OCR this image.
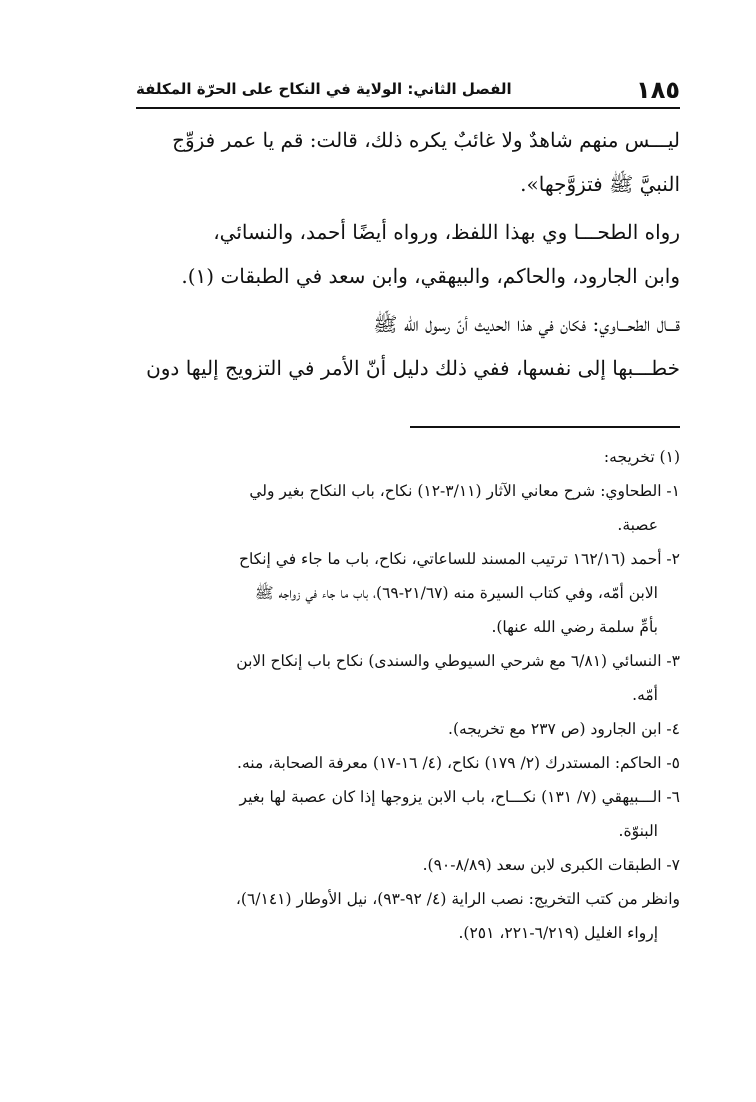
١٨٥
الفصل الثاني: الولاية في النكاح على الحرّة المكلفة

ليـــس منهم شاهدٌ ولا غائبٌ يكره ذلك، قالت: قم يا عمر فزوِّج

النبيَّ ﷺ فتزوَّجها».

رواه الطحـــا وي بهذا اللفظ، ورواه أيضًا أحمد، والنسائي،

وابن الجارود، والحاكم، والبيهقي، وابن سعد في الطبقات (١).

قـــال الطحـــاوي: فكان في هذا الحديث أنّ رسول الله ﷺ

خطـــبها إلى نفسها، ففي ذلك دليل أنّ الأمر في التزويج إليها دون

(١) تخريجه:

١- الطحاوي: شرح معاني الآثار (٣/١١-١٢) نكاح، باب النكاح بغير ولي

عصبة.

٢- أحمد (١٦٢/١٦ ترتيب المسند للساعاتي، نكاح، باب ما جاء في إنكاح

الابن أمّه، وفي كتاب السيرة منه (٢١/٦٧-٦٩)، باب ما جاء في زواجه ﷺ

بأمِّ سلمة رضي الله عنها).

٣- النسائي (٦/٨١ مع شرحي السيوطي والسندى) نكاح باب إنكاح الابن

أمّه.

٤- ابن الجارود (ص ٢٣٧ مع تخريجه).

٥- الحاكم: المستدرك (٢/ ١٧٩) نكاح، (٤/ ١٦-١٧) معرفة الصحابة، منه.

٦- الـــبيهقي (٧/ ١٣١) نكـــاح، باب الابن يزوجها إذا كان عصبة لها بغير

البنوّة.

٧- الطبقات الكبرى لابن سعد (٨/٨٩-٩٠).

وانظر من كتب التخريج: نصب الراية (٤/ ٩٢-٩٣)، نيل الأوطار (٦/١٤١)،

إرواء الغليل (٦/٢١٩-٢٢١، ٢٥١).
